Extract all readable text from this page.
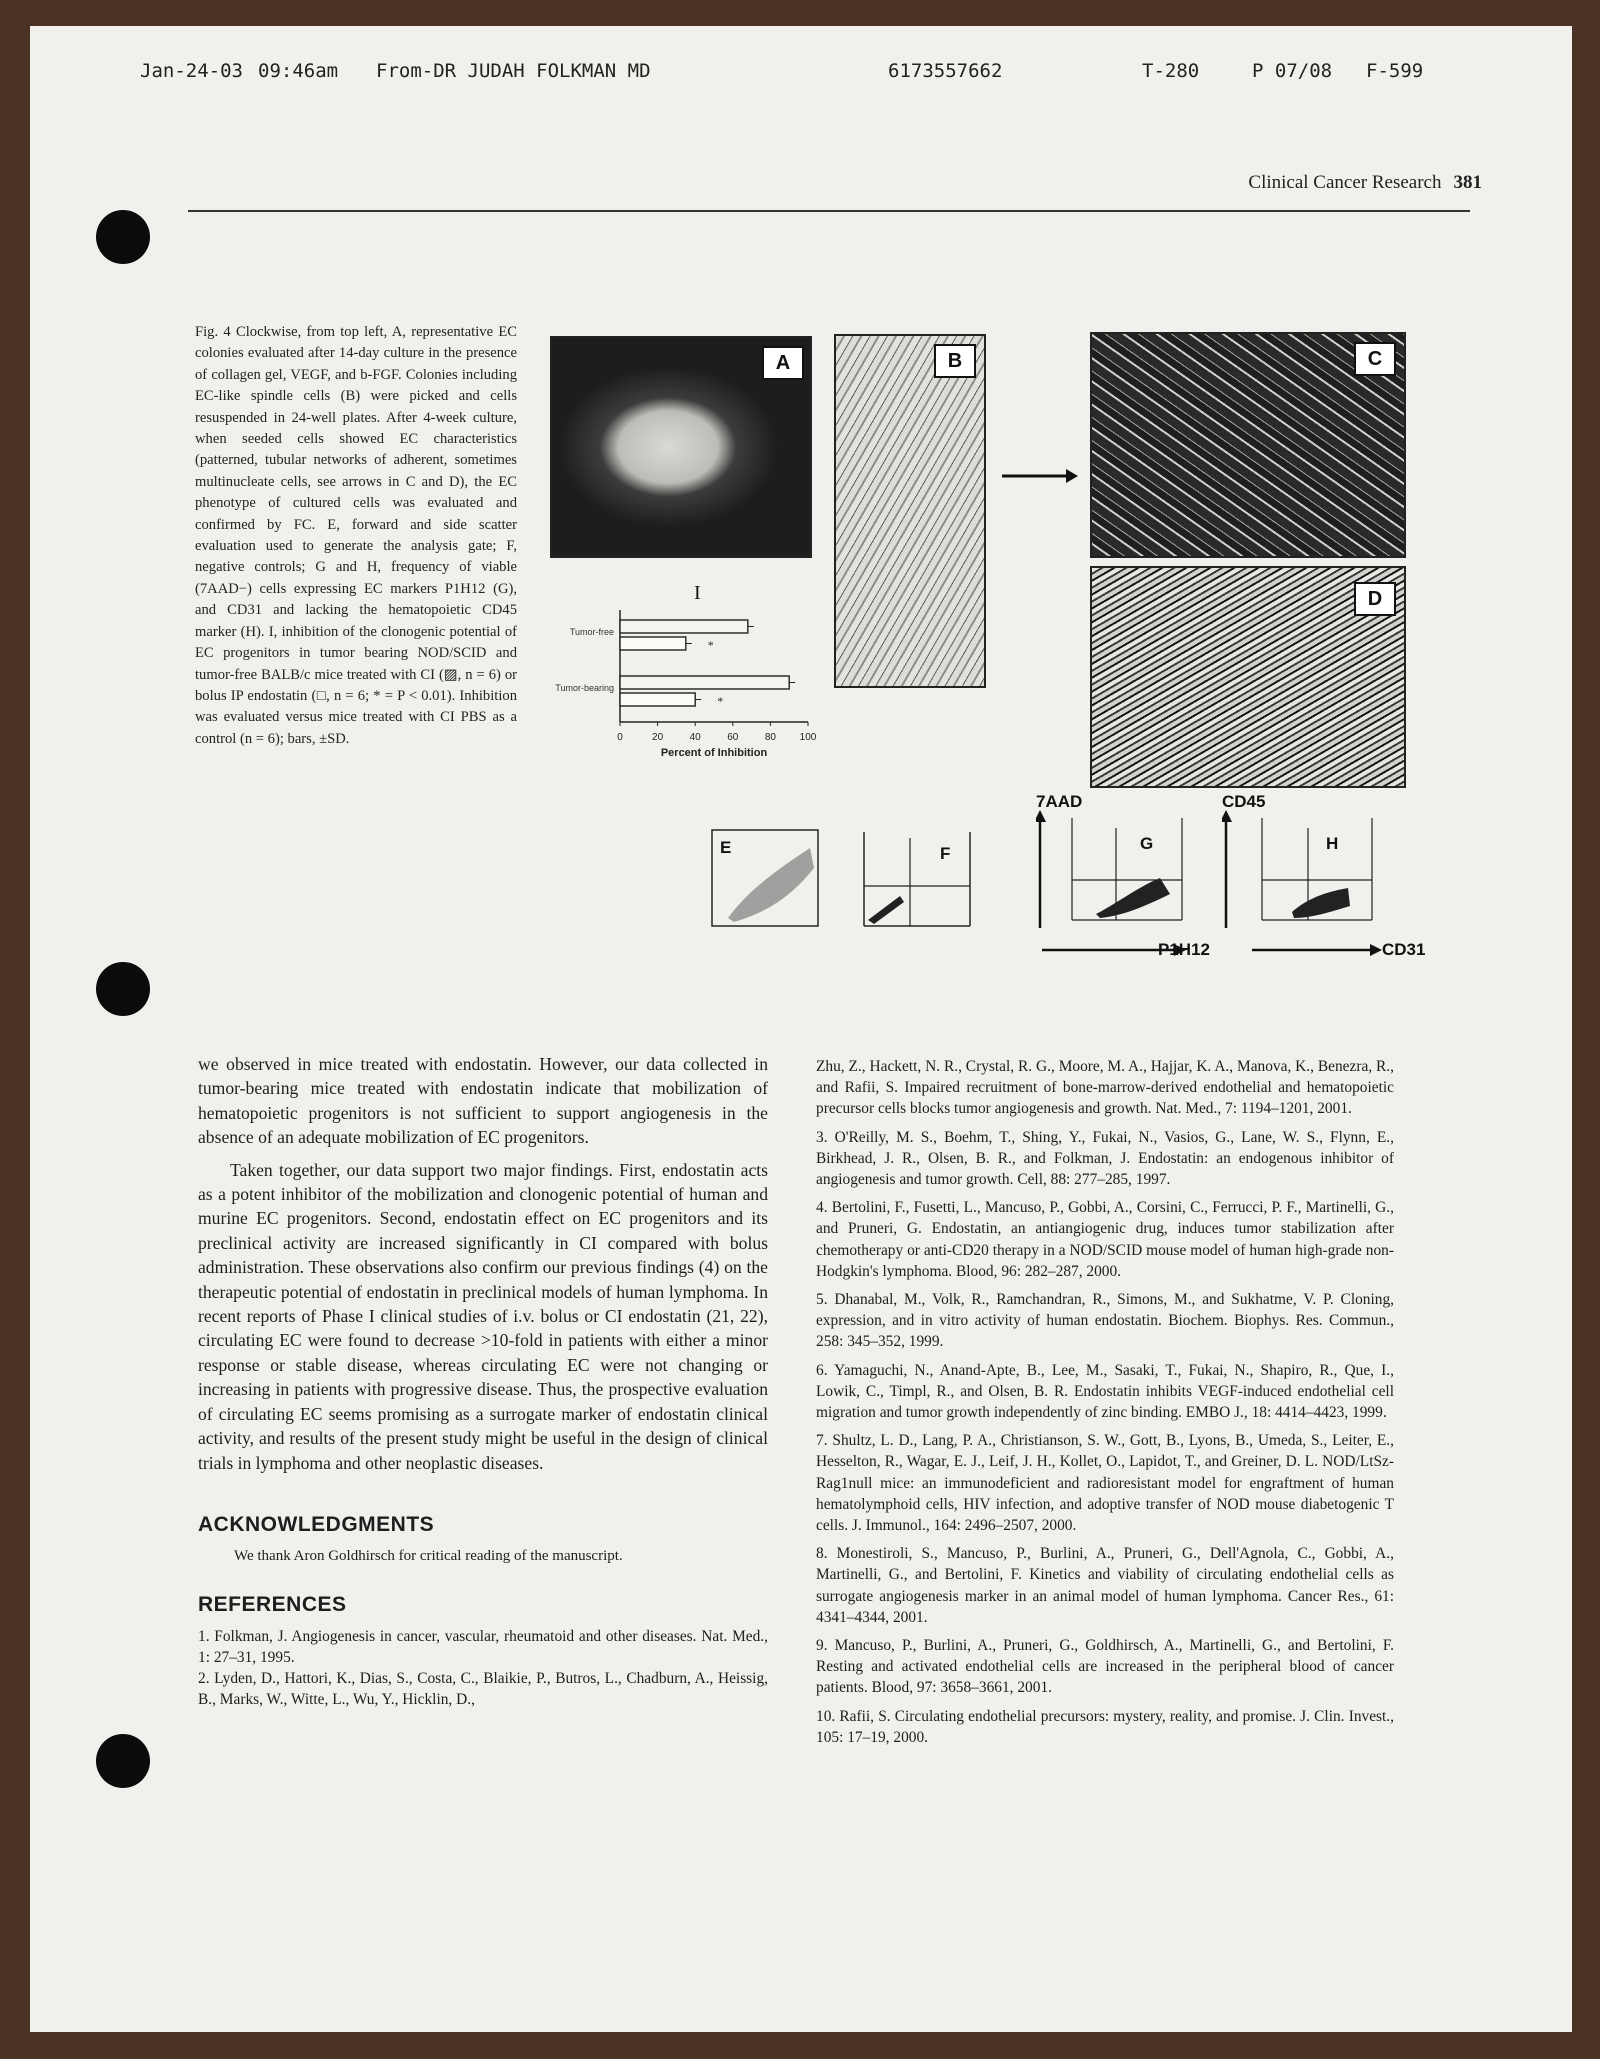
Jan-24-03 09:46am From-DR JUDAH FOLKMAN MD	6173557662	T-280	P 07/08 F-599
Clinical Cancer Research 381
Fig. 4 Clockwise, from top left, A, representative EC colonies evaluated after 14-day culture in the presence of collagen gel, VEGF, and b-FGF. Colonies including EC-like spindle cells (B) were picked and cells resuspended in 24-well plates. After 4-week culture, when seeded cells showed EC characteristics (patterned, tubular networks of adherent, sometimes multinucleate cells, see arrows in C and D), the EC phenotype of cultured cells was evaluated and confirmed by FC. E, forward and side scatter evaluation used to generate the analysis gate; F, negative controls; G and H, frequency of viable (7AAD−) cells expressing EC markers P1H12 (G), and CD31 and lacking the hematopoietic CD45 marker (H). I, inhibition of the clonogenic potential of EC progenitors in tumor bearing NOD/SCID and tumor-free BALB/c mice treated with CI (▨, n = 6) or bolus IP endostatin (□, n = 6; * = P < 0.01). Inhibition was evaluated versus mice treated with CI PBS as a control (n = 6); bars, ±SD.
A	B	C
D
0	20	40	60	80 100
Percent of Inhibition
Tumor-free
*
Tumor-bearing
*
I
E	F
7AAD
G
P1H12
CD45
H
CD31

we observed in mice treated with endostatin. However, our data collected in tumor-bearing mice treated with endostatin indicate that mobilization of hematopoietic progenitors is not sufficient to support angiogenesis in the absence of an adequate mobilization of EC progenitors.

Taken together, our data support two major findings. First, endostatin acts as a potent inhibitor of the mobilization and clonogenic potential of human and murine EC progenitors. Second, endostatin effect on EC progenitors and its preclinical activity are increased significantly in CI compared with bolus administration. These observations also confirm our previous findings (4) on the therapeutic potential of endostatin in preclinical models of human lymphoma. In recent reports of Phase I clinical studies of i.v. bolus or CI endostatin (21, 22), circulating EC were found to decrease >10-fold in patients with either a minor response or stable disease, whereas circulating EC were not changing or increasing in patients with progressive disease. Thus, the prospective evaluation of circulating EC seems promising as a surrogate marker of endostatin clinical activity, and results of the present study might be useful in the design of clinical trials in lymphoma and other neoplastic diseases.

ACKNOWLEDGMENTS

We thank Aron Goldhirsch for critical reading of the manuscript.

REFERENCES

1. Folkman, J. Angiogenesis in cancer, vascular, rheumatoid and other diseases. Nat. Med., 1: 27–31, 1995.

2. Lyden, D., Hattori, K., Dias, S., Costa, C., Blaikie, P., Butros, L., Chadburn, A., Heissig, B., Marks, W., Witte, L., Wu, Y., Hicklin, D.,

Zhu, Z., Hackett, N. R., Crystal, R. G., Moore, M. A., Hajjar, K. A., Manova, K., Benezra, R., and Rafii, S. Impaired recruitment of bone-marrow-derived endothelial and hematopoietic precursor cells blocks tumor angiogenesis and growth. Nat. Med., 7: 1194–1201, 2001.

3. O'Reilly, M. S., Boehm, T., Shing, Y., Fukai, N., Vasios, G., Lane, W. S., Flynn, E., Birkhead, J. R., Olsen, B. R., and Folkman, J. Endostatin: an endogenous inhibitor of angiogenesis and tumor growth. Cell, 88: 277–285, 1997.

4. Bertolini, F., Fusetti, L., Mancuso, P., Gobbi, A., Corsini, C., Ferrucci, P. F., Martinelli, G., and Pruneri, G. Endostatin, an antiangiogenic drug, induces tumor stabilization after chemotherapy or anti-CD20 therapy in a NOD/SCID mouse model of human high-grade non-Hodgkin's lymphoma. Blood, 96: 282–287, 2000.

5. Dhanabal, M., Volk, R., Ramchandran, R., Simons, M., and Sukhatme, V. P. Cloning, expression, and in vitro activity of human endostatin. Biochem. Biophys. Res. Commun., 258: 345–352, 1999.

6. Yamaguchi, N., Anand-Apte, B., Lee, M., Sasaki, T., Fukai, N., Shapiro, R., Que, I., Lowik, C., Timpl, R., and Olsen, B. R. Endostatin inhibits VEGF-induced endothelial cell migration and tumor growth independently of zinc binding. EMBO J., 18: 4414–4423, 1999.

7. Shultz, L. D., Lang, P. A., Christianson, S. W., Gott, B., Lyons, B., Umeda, S., Leiter, E., Hesselton, R., Wagar, E. J., Leif, J. H., Kollet, O., Lapidot, T., and Greiner, D. L. NOD/LtSz-Rag1null mice: an immunodeficient and radioresistant model for engraftment of human hematolymphoid cells, HIV infection, and adoptive transfer of NOD mouse diabetogenic T cells. J. Immunol., 164: 2496–2507, 2000.

8. Monestiroli, S., Mancuso, P., Burlini, A., Pruneri, G., Dell'Agnola, C., Gobbi, A., Martinelli, G., and Bertolini, F. Kinetics and viability of circulating endothelial cells as surrogate angiogenesis marker in an animal model of human lymphoma. Cancer Res., 61: 4341–4344, 2001.

9. Mancuso, P., Burlini, A., Pruneri, G., Goldhirsch, A., Martinelli, G., and Bertolini, F. Resting and activated endothelial cells are increased in the peripheral blood of cancer patients. Blood, 97: 3658–3661, 2001.

10. Rafii, S. Circulating endothelial precursors: mystery, reality, and promise. J. Clin. Invest., 105: 17–19, 2000.
